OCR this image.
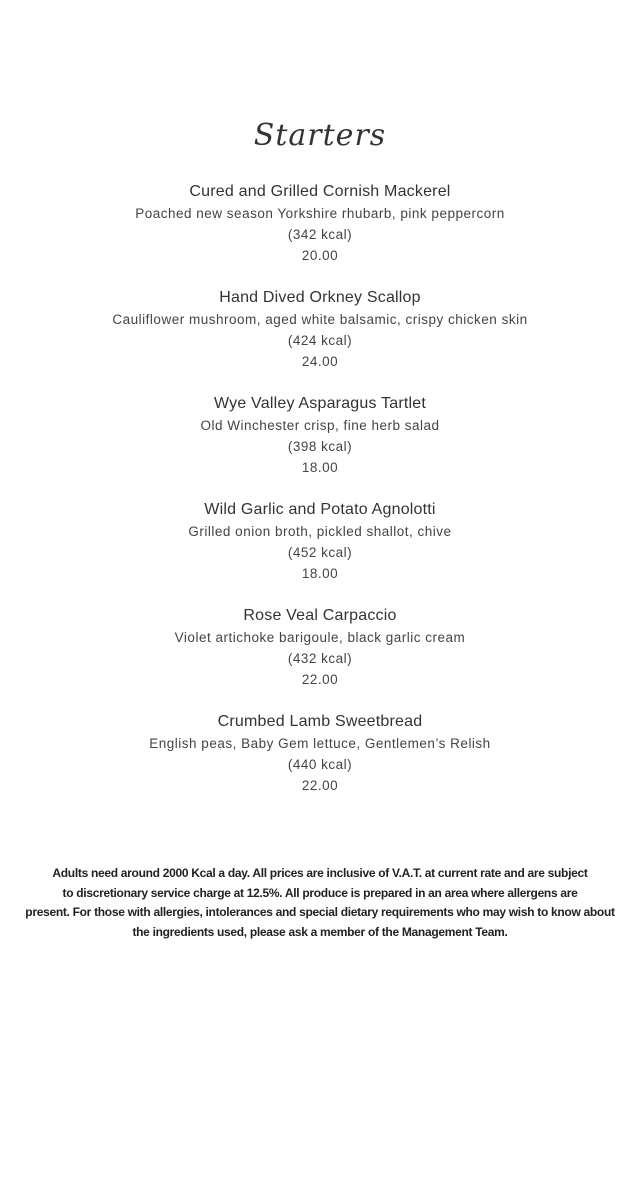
Starters
Cured and Grilled Cornish Mackerel
Poached new season Yorkshire rhubarb, pink peppercorn
(342 kcal)
20.00
Hand Dived Orkney Scallop
Cauliflower mushroom, aged white balsamic, crispy chicken skin
(424 kcal)
24.00
Wye Valley Asparagus Tartlet
Old Winchester crisp, fine herb salad
(398 kcal)
18.00
Wild Garlic and Potato Agnolotti
Grilled onion broth, pickled shallot, chive
(452 kcal)
18.00
Rose Veal Carpaccio
Violet artichoke barigoule, black garlic cream
(432 kcal)
22.00
Crumbed Lamb Sweetbread
English peas, Baby Gem lettuce, Gentlemen’s Relish
(440 kcal)
22.00
Adults need around 2000 Kcal a day. All prices are inclusive of V.A.T. at current rate and are subject
to discretionary service charge at 12.5%. All produce is prepared in an area where allergens are
present. For those with allergies, intolerances and special dietary requirements who may wish to know about
the ingredients used, please ask a member of the Management Team.
